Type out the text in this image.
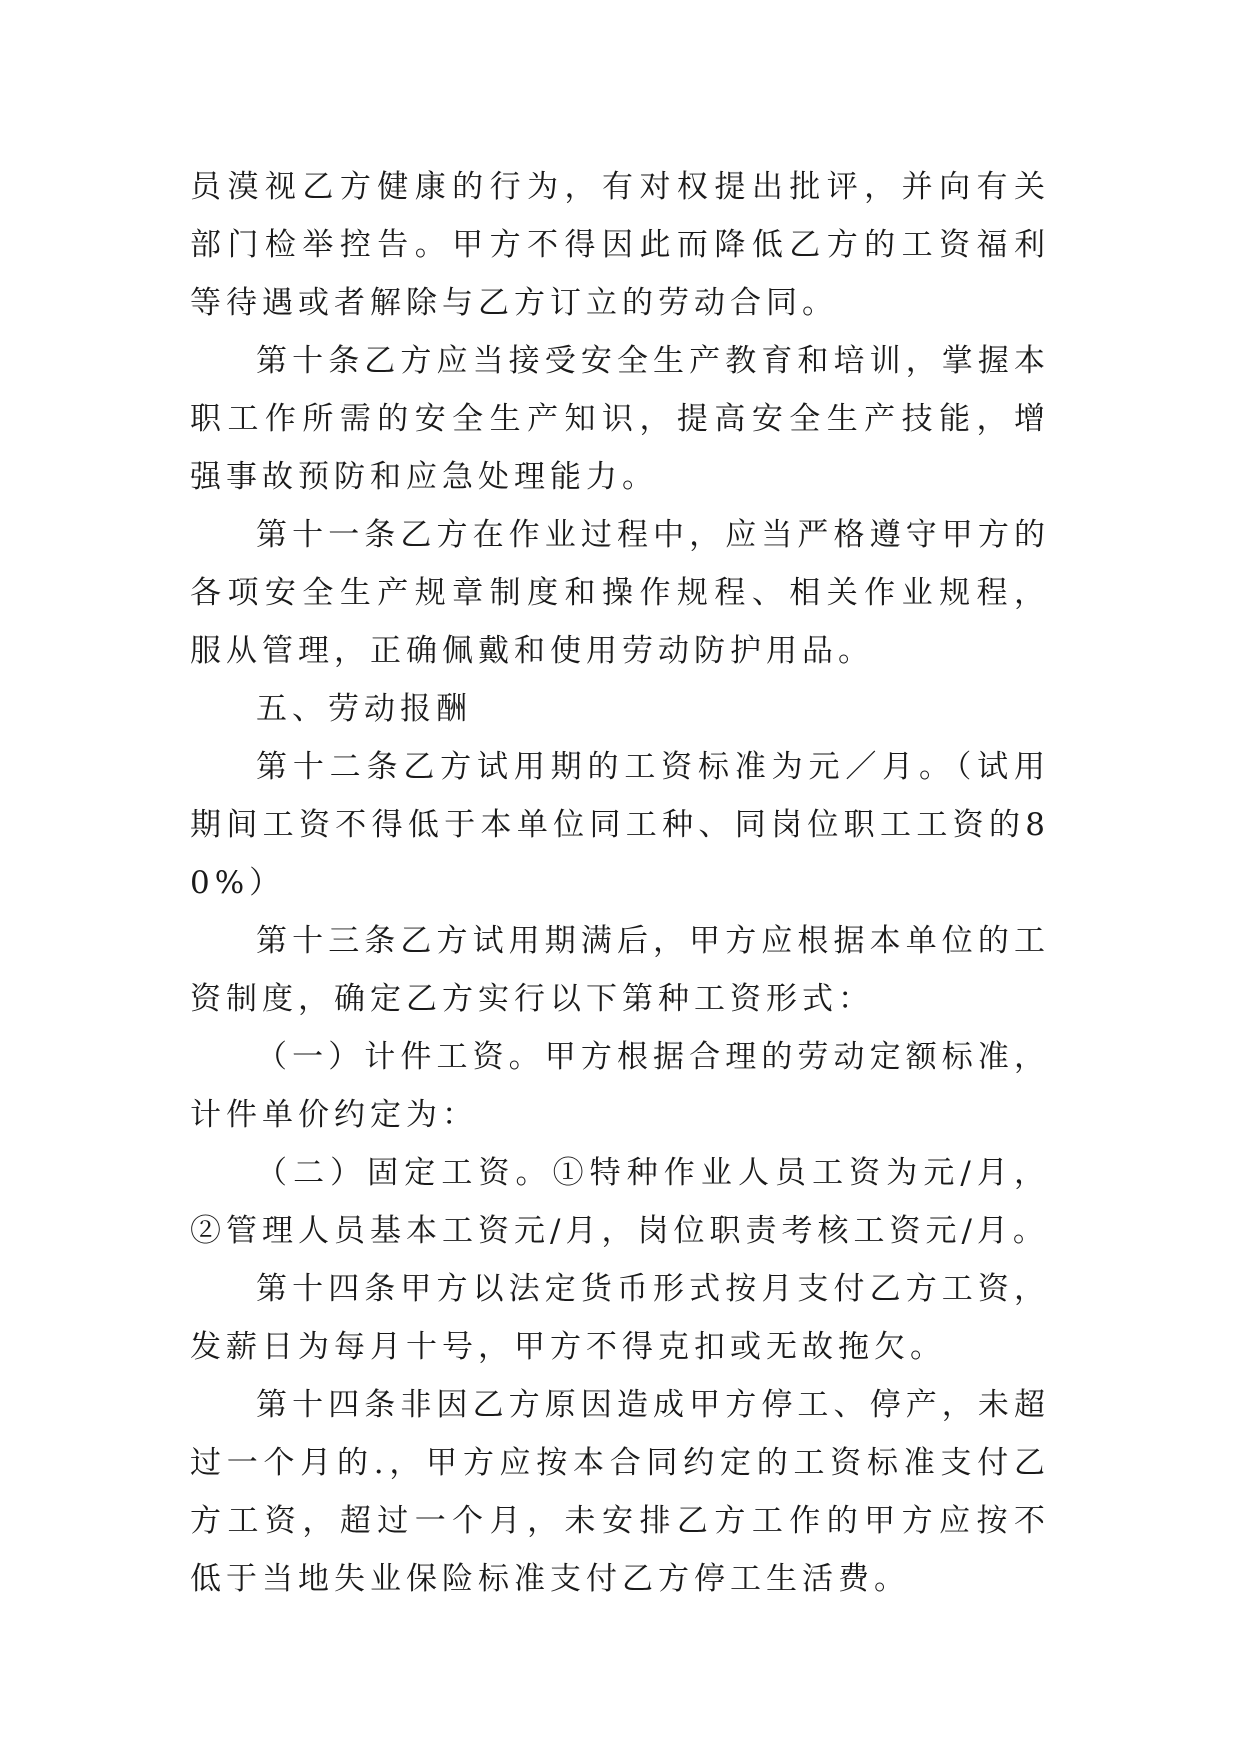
员漠视乙方健康的行为，有对权提出批评，并向有关部门检举控告。甲方不得因此而降低乙方的工资福利等待遇或者解除与乙方订立的劳动合同。

第十条乙方应当接受安全生产教育和培训，掌握本职工作所需的安全生产知识，提高安全生产技能，增强事故预防和应急处理能力。

第十一条乙方在作业过程中，应当严格遵守甲方的各项安全生产规章制度和操作规程、相关作业规程，服从管理，正确佩戴和使用劳动防护用品。

五、劳动报酬

第十二条乙方试用期的工资标准为元／月。（试用期间工资不得低于本单位同工种、同岗位职工工资的80%）

第十三条乙方试用期满后，甲方应根据本单位的工资制度，确定乙方实行以下第种工资形式：

（一）计件工资。甲方根据合理的劳动定额标准，计件单价约定为：

（二）固定工资。①特种作业人员工资为元/月，②管理人员基本工资元/月，岗位职责考核工资元/月。

第十四条甲方以法定货币形式按月支付乙方工资，发薪日为每月十号，甲方不得克扣或无故拖欠。

第十四条非因乙方原因造成甲方停工、停产，未超过一个月的.，甲方应按本合同约定的工资标准支付乙方工资，超过一个月，未安排乙方工作的甲方应按不低于当地失业保险标准支付乙方停工生活费。
